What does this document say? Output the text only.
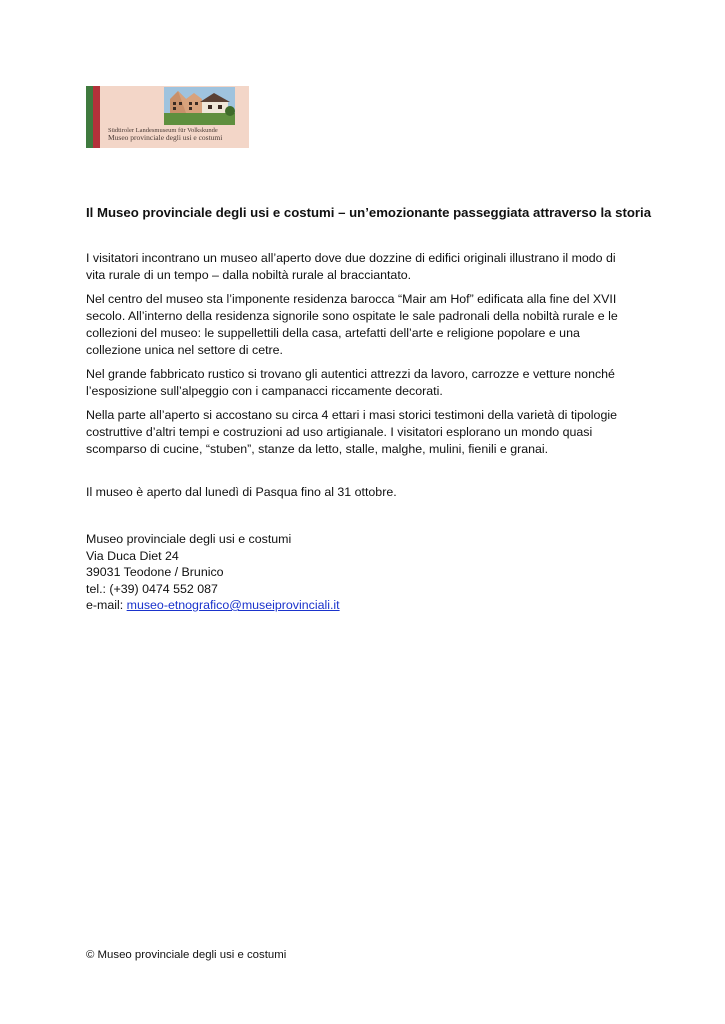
Südtiroler Landesmuseum für Volkskunde
Museo provinciale degli usi e costumi
Il Museo provinciale degli usi e costumi – un’emozionante passeggiata attraverso la storia

I visitatori incontrano un museo all’aperto dove due dozzine di edifici originali illustrano il modo di vita rurale di un tempo – dalla nobiltà rurale al bracciantato.

Nel centro del museo sta l’imponente residenza barocca “Mair am Hof” edificata alla fine del XVII secolo. All’interno della residenza signorile sono ospitate le sale padronali della nobiltà rurale e le collezioni del museo: le suppellettili della casa, artefatti dell’arte e religione popolare e una collezione unica nel settore di cetre.

Nel grande fabbricato rustico si trovano gli autentici attrezzi da lavoro, carrozze e vetture nonché l’esposizione sull’alpeggio con i campanacci riccamente decorati.

Nella parte all’aperto si accostano su circa 4 ettari i masi storici testimoni della varietà di tipologie costruttive d’altri tempi e costruzioni ad uso artigianale. I visitatori esplorano un mondo quasi scomparso di cucine, “stuben”, stanze da letto, stalle, malghe, mulini, fienili e granai.

Il museo è aperto dal lunedì di Pasqua fino al 31 ottobre.

Museo provinciale degli usi e costumi
Via Duca Diet 24
39031 Teodone / Brunico
tel.: (+39) 0474 552 087
e-mail: museo-etnografico@museiprovinciali.it
© Museo provinciale degli usi e costumi
